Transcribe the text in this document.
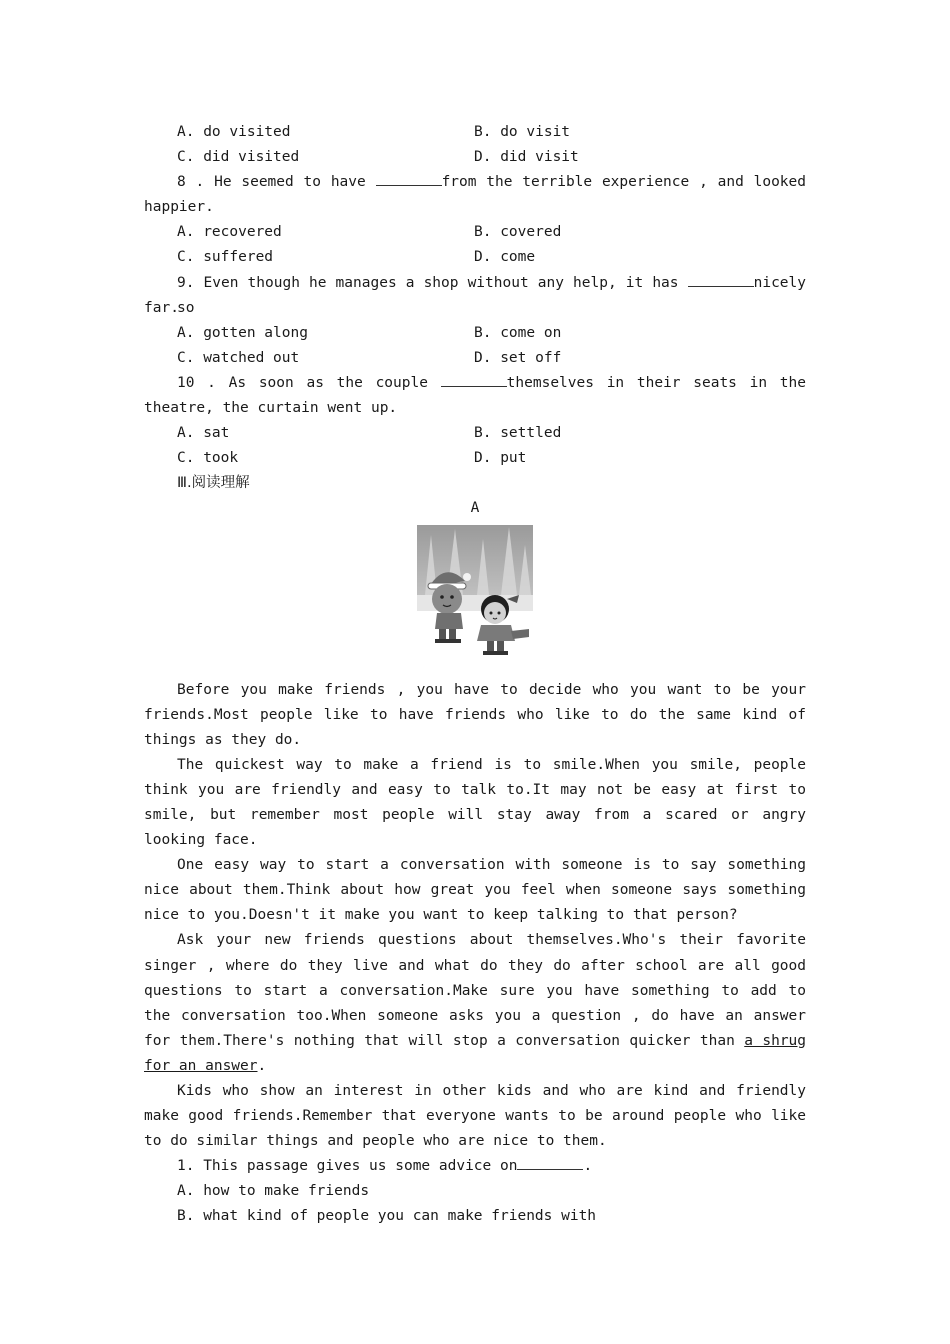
A. do visited	B. do visit
C. did visited	D. did visit
8 . He seemed to have	from the terrible experience , and looked
happier.
A. recovered	B. covered
C. suffered	D. come
9. Even though he manages a shop without any help, it has	nicely so
far.
A. gotten along	B. come on
C. watched out	D. set off
10 . As soon as the couple	themselves in their seats in the
theatre, the curtain went up.
A. sat	B. settled
C. took	D. put
Ⅲ.阅读理解
A

Before you make friends , you have to decide who you want to be your friends.Most people like to have friends who like to do the same kind of things as they do.

The quickest way to make a friend is to smile.When you smile, people think you are friendly and easy to talk to.It may not be easy at first to smile, but remember most people will stay away from a scared or angry looking face.

One easy way to start a conversation with someone is to say something nice about them.Think about how great you feel when someone says something nice to you.Doesn't it make you want to keep talking to that person?

Ask your new friends questions about themselves.Who's their favorite singer , where do they live and what do they do after school are all good questions to start a conversation.Make sure you have something to add to the conversation too.When someone asks you a question , do have an answer for them.There's nothing that will stop a conversation quicker than a shrug for an answer.

Kids who show an interest in other kids and who are kind and friendly make good friends.Remember that everyone wants to be around people who like to do similar things and people who are nice to them.

1. This passage gives us some advice on	.
A. how to make friends
B. what kind of people you can make friends with
